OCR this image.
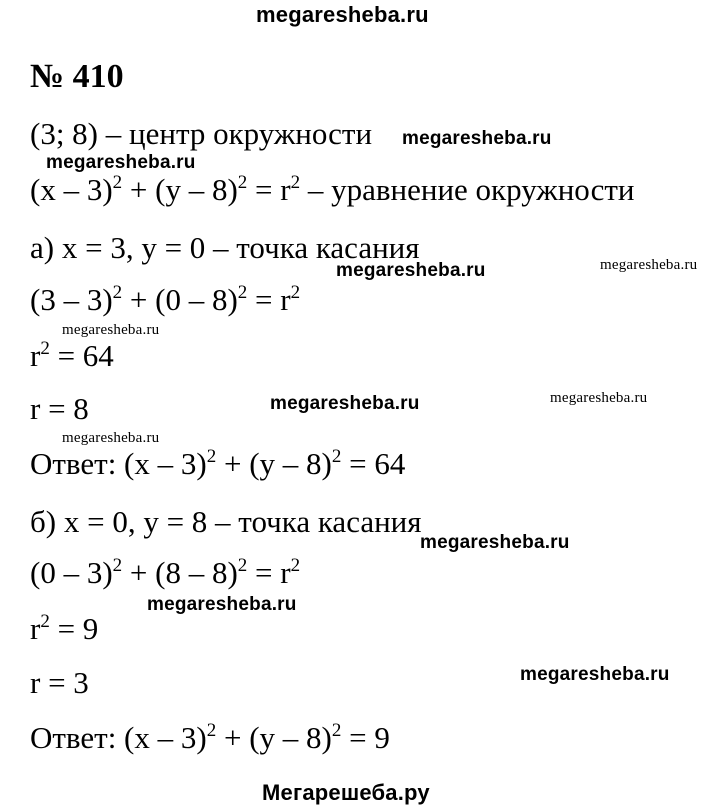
megaresheba.ru
№ 410
(3; 8) – центр окружности
$(x - 3)^2 + (y - 8)^2 = r^2$ – уравнение окружности
а) x = 3, y = 0 – точка касания
$(3 - 3)^2 + (0 - 8)^2 = r^2$
$r^2 = 64$
r = 8
Ответ: (x – 3)$^2$ + (y – 8)$^2$ = 64
б) x = 0, y = 8 – точка касания
$(0 - 3)^2 + (8 - 8)^2 = r^2$
$r^2 = 9$
r = 3
Ответ: (x – 3)$^2$ + (y – 8)$^2$ = 9
megaresheba.ru
megaresheba.ru
megaresheba.ru	megaresheba.ru
megaresheba.ru
megaresheba.ru	megaresheba.ru
megaresheba.ru
megaresheba.ru
megaresheba.ru
megaresheba.ru
Мегарешеба.ру
